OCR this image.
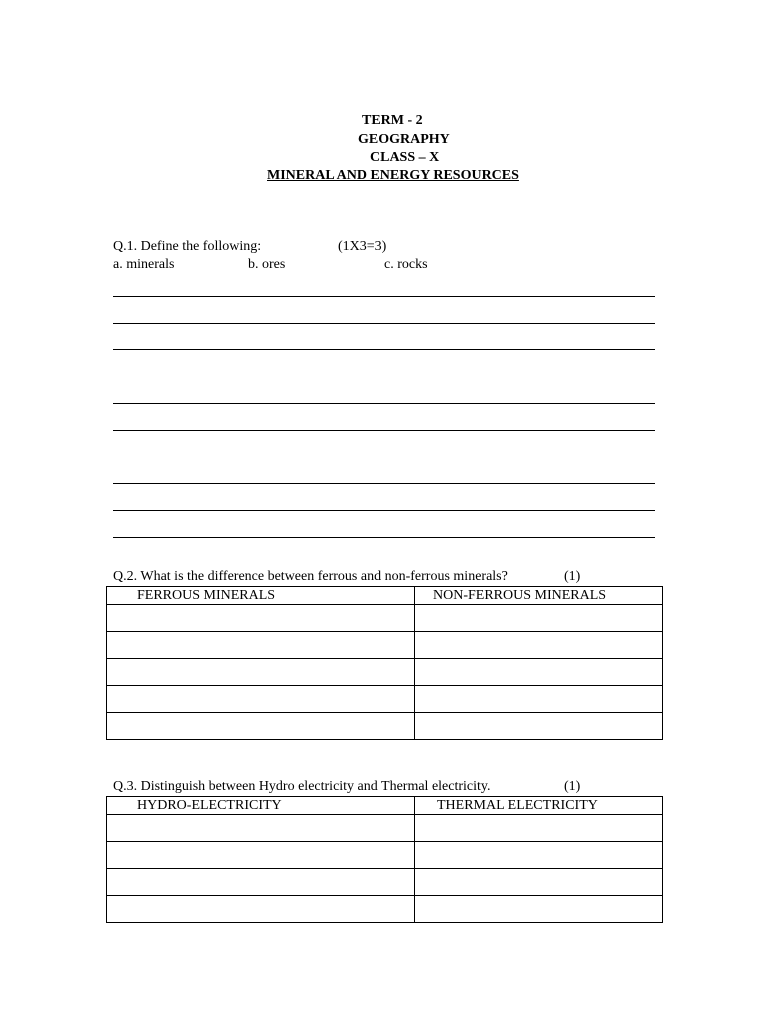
TERM - 2
GEOGRAPHY
CLASS – X
MINERAL AND ENERGY RESOURCES
Q.1. Define the following:	(1X3=3)
a. minerals	b. ores	c. rocks
Q.2. What is the difference between ferrous and non-ferrous minerals?	(1)
FERROUS MINERALS	NON-FERROUS MINERALS

Q.3. Distinguish between Hydro electricity and Thermal electricity.	(1)
HYDRO-ELECTRICITY	THERMAL ELECTRICITY
